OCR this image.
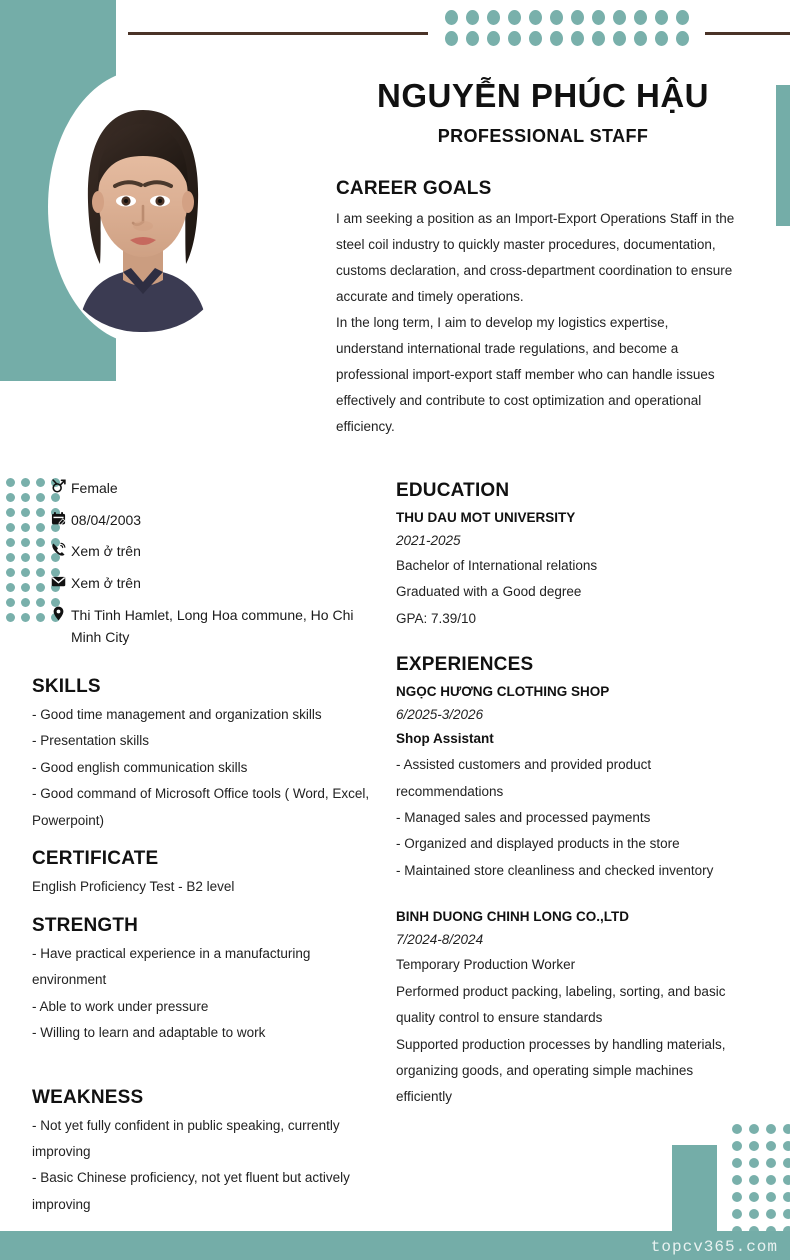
NGUYỄN PHÚC HẬU
PROFESSIONAL STAFF
CAREER GOALS

I am seeking a position as an Import-Export Operations Staff in the steel coil industry to quickly master procedures, documentation, customs declaration, and cross-department coordination to ensure accurate and timely operations.

In the long term, I aim to develop my logistics expertise, understand international trade regulations, and become a professional import-export staff member who can handle issues effectively and contribute to cost optimization and operational efficiency.

Female
08/04/2003
Xem ở trên
Xem ở trên
Thi Tinh Hamlet, Long Hoa commune, Ho Chi Minh City
SKILLS

- Good time management and organization skills

- Presentation skills

- Good english communication skills

- Good command of Microsoft Office tools ( Word, Excel, Powerpoint)

CERTIFICATE

English Proficiency Test - B2 level

STRENGTH

- Have practical experience in a manufacturing environment

- Able to work under pressure

- Willing to learn and adaptable to work

WEAKNESS

- Not yet fully confident in public speaking, currently improving

- Basic Chinese proficiency, not yet fluent but actively improving

EDUCATION

THU DAU MOT UNIVERSITY

2021-2025

Bachelor of International relations

Graduated with a Good degree

GPA: 7.39/10

EXPERIENCES

NGỌC HƯƠNG CLOTHING SHOP

6/2025-3/2026

Shop Assistant

- Assisted customers and provided product recommendations

- Managed sales and processed payments

- Organized and displayed products in the store

- Maintained store cleanliness and checked inventory

BINH DUONG CHINH LONG CO.,LTD

7/2024-8/2024

Temporary Production Worker

Performed product packing, labeling, sorting, and basic quality control to ensure standards

Supported production processes by handling materials, organizing goods, and operating simple machines efficiently

topcv365.com
